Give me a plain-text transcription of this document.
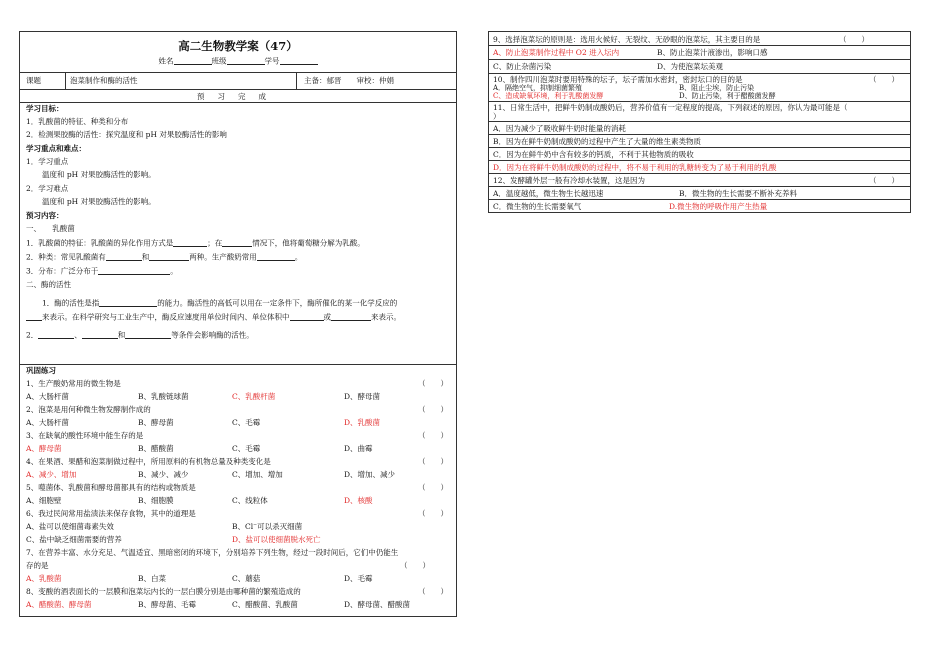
高二生物教学案（47）
姓名	班级	学号
课题	泡菜制作和酶的活性	主备：郁晋　　审校：仲娟
预习完成
学习目标：
1．乳酸菌的特征、种类和分布
2．检测果胶酶的活性：探究温度和 pH 对果胶酶活性的影响
学习重点和难点：
1．学习重点
温度和 pH 对果胶酶活性的影响。
2．学习难点
温度和 pH 对果胶酶活性的影响。
预习内容：
一、　　乳酸菌
1．乳酸菌的特征：乳酸菌的异化作用方式是	；在	情况下，他将葡萄糖分解为乳酸。
2．种类：常见乳酸菌有	和	两种。生产酸奶常用	。
3．分布：广泛分布于	。
二、酶的活性
1．酶的活性是指	的能力。酶活性的高低可以用在一定条件下，酶所催化的某一化学反应的
来表示。在科学研究与工业生产中，酶反应速度用单位时间内、单位体积中	或	来表示。
2．	、	和	等条件会影响酶的活性。
巩固练习
1、生产酸奶常用的微生物是	（　　）
A、大肠杆菌	B、乳酸链球菌	C、乳酸杆菌	D、酵母菌
2、泡菜是用何种微生物发酵制作成的	（　　）
A、大肠杆菌	B、酵母菌	C、毛霉	D、乳酸菌
3、在缺氧的酸性环境中能生存的是	（　　）
A、酵母菌	B、醋酸菌	C、毛霉	D、曲霉
4、在果酒、果醋和泡菜制做过程中，所用原料的有机物总量及种类变化是	（　　）
A、减少、增加	B、减少、减少	C、增加、增加	D、增加、减少
5、噬菌体、乳酸菌和酵母菌都具有的结构或物质是	（　　）
A、细胞壁	B、细胞膜	C、线粒体	D、核酸
6、我过民间常用盐渍法来保存食物，其中的道理是	（　　）
A、盐可以使细菌毒素失效	B、Cl⁻可以杀灭细菌
C、盐中缺乏细菌需要的营养	D、盐可以使细菌脱水死亡
7、在营养丰富、水分充足、气温适宜、黑暗密闭的环境下，分别培养下列生物，经过一段时间后，它们中仍能生
存的是	（　　）
A、乳酸菌	B、白菜	C、蘑菇	D、毛霉
8、变酸的酒表面长的一层膜和泡菜坛内长的一层白膜分别是由哪种菌的繁殖造成的	（　　）
A、醋酸菌、酵母菌	B、酵母菌、毛霉	C、醋酸菌、乳酸菌	D、酵母菌、醋酸菌
9、选择泡菜坛的原则是：选用火候好、无裂纹、无砂眼的泡菜坛，其主要目的是	（　　）
A、防止泡菜制作过程中 O2 进入坛内	B、防止泡菜汁液渗出，影响口感
C、防止杂菌污染	D、为使泡菜坛美观
10、制作四川泡菜时要用特殊的坛子，坛子需加水密封，密封坛口的目的是	（　　）
A．隔绝空气，抑制细菌繁殖	B、阻止尘埃，防止污染
C、造成缺氧环境，利于乳酸菌发酵	D、防止污染，利于醋酸菌发酵
11、日常生活中，把鲜牛奶制成酸奶后，营养价值有一定程度的提高，下列叙述的原因，你认为最可能是（
）
A．因为减少了吸收鲜牛奶时能量的消耗
B．因为在鲜牛奶制成酸奶的过程中产生了大量的维生素类物质
C．因为在鲜牛奶中含有较多的钙质，不利于其他物质的吸收
D．因为在将鲜牛奶制成酸奶的过程中，将不易于利用的乳糖转变为了易于利用的乳酸
12、发酵罐外层一般有冷却水装置，这是因为	（　　）
A．温度越低，微生物生长越迅速	B．微生物的生长需要不断补充养料
C．微生物的生长需要氧气	D.微生物的呼吸作用产生热量
